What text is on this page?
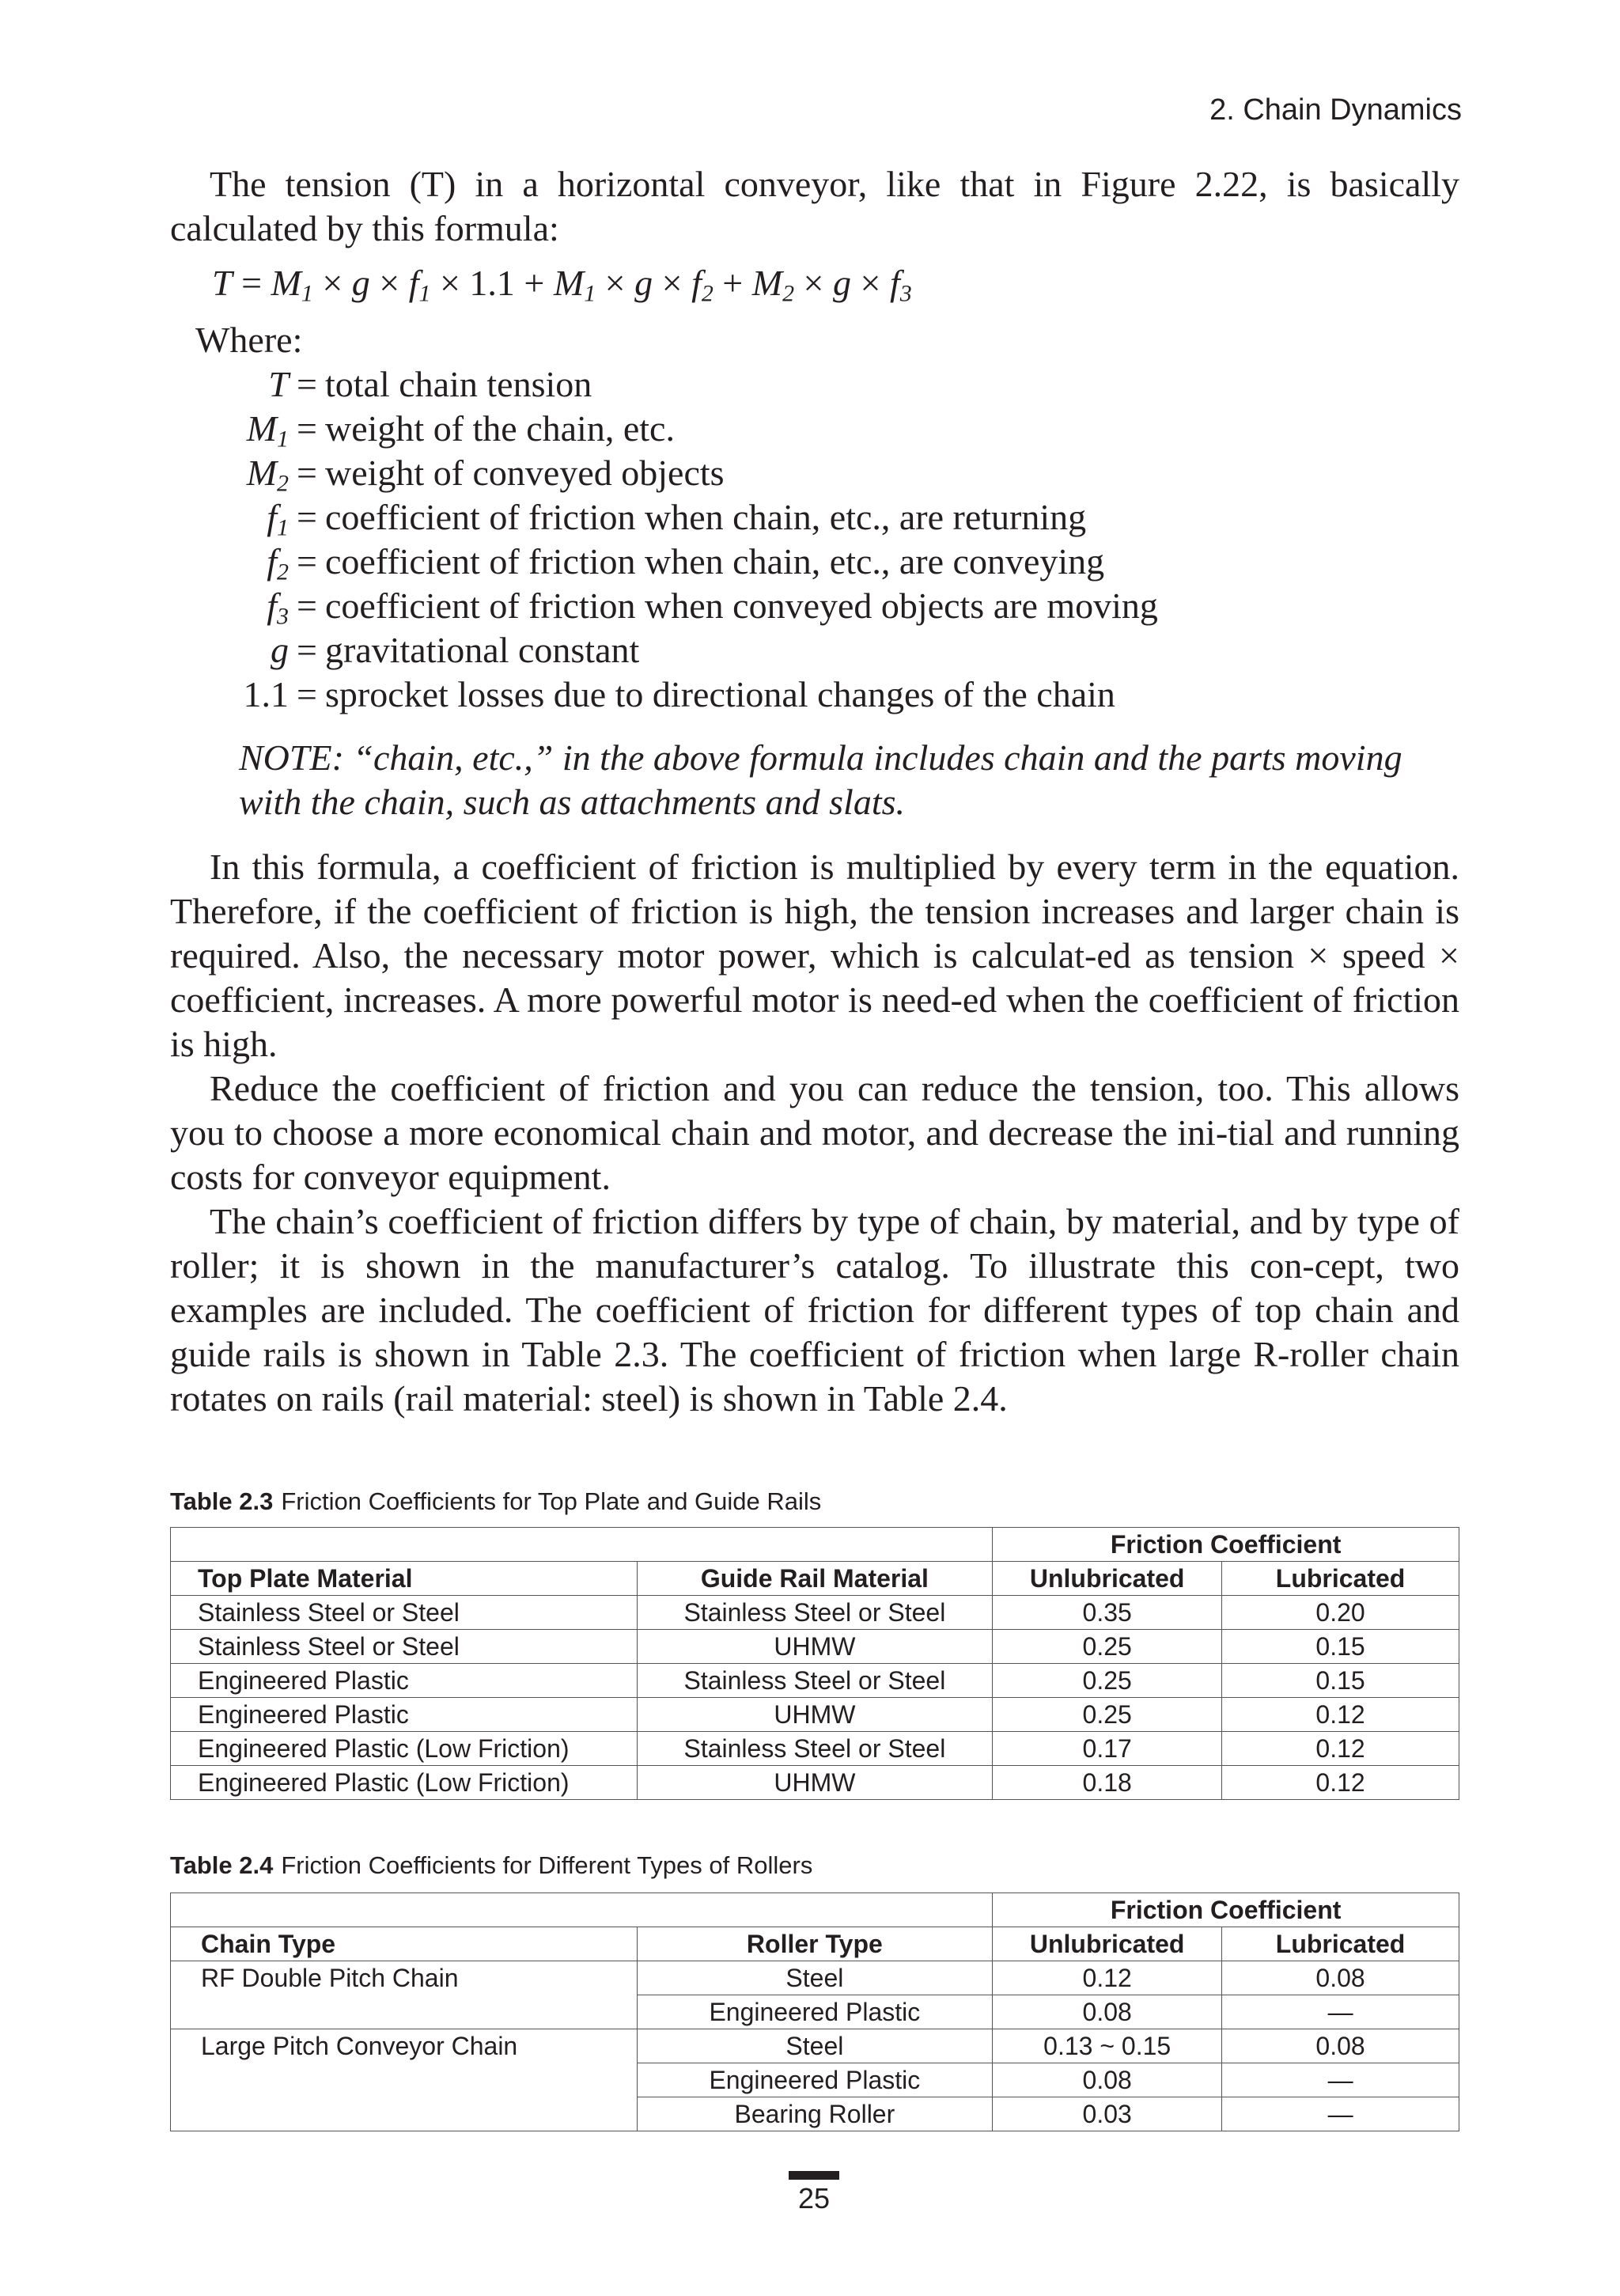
2. Chain Dynamics

The tension (T) in a horizontal conveyor, like that in Figure 2.22, is basically calculated by this formula:

$T = M_1 \times g \times f_1 \times 1.1 + M_1 \times g \times f_2 + M_2 \times g \times f_3$
Where:
T = total chain tension
$M_1$ = weight of the chain, etc.
$M_2$ = weight of conveyed objects
$f_1$ = coefficient of friction when chain, etc., are returning
$f_2$ = coefficient of friction when chain, etc., are conveying
$f_3$ = coefficient of friction when conveyed objects are moving
g = gravitational constant
1.1 = sprocket losses due to directional changes of the chain
NOTE: “chain, etc.,” in the above formula includes chain and the parts moving with the chain, such as attachments and slats.

In this formula, a coefficient of friction is multiplied by every term in the equation. Therefore, if the coefficient of friction is high, the tension increases and larger chain is required. Also, the necessary motor power, which is calculat-ed as tension × speed × coefficient, increases. A more powerful motor is need-ed when the coefficient of friction is high.

Reduce the coefficient of friction and you can reduce the tension, too. This allows you to choose a more economical chain and motor, and decrease the ini-tial and running costs for conveyor equipment.

The chain’s coefficient of friction differs by type of chain, by material, and by type of roller; it is shown in the manufacturer’s catalog. To illustrate this con-cept, two examples are included. The coefficient of friction for different types of top chain and guide rails is shown in Table 2.3. The coefficient of friction when large R-roller chain rotates on rails (rail material: steel) is shown in Table 2.4.

Table 2.3 Friction Coefficients for Top Plate and Guide Rails
		Friction Coefficient	
Top Plate Material	Guide Rail Material	Unlubricated	Lubricated
Stainless Steel or Steel	Stainless Steel or Steel	0.35	0.20
Stainless Steel or Steel	UHMW	0.25	0.15
Engineered Plastic	Stainless Steel or Steel	0.25	0.15
Engineered Plastic	UHMW	0.25	0.12
Engineered Plastic (Low Friction)	Stainless Steel or Steel	0.17	0.12
Engineered Plastic (Low Friction)	UHMW	0.18	0.12
Table 2.4 Friction Coefficients for Different Types of Rollers
		Friction Coefficient	
Chain Type	Roller Type	Unlubricated	Lubricated
RF Double Pitch Chain	Steel	0.12	0.08
	Engineered Plastic	0.08	—
Large Pitch Conveyor Chain	Steel	0.13 ~ 0.15	0.08
	Engineered Plastic	0.08	—
	Bearing Roller	0.03	—
25
